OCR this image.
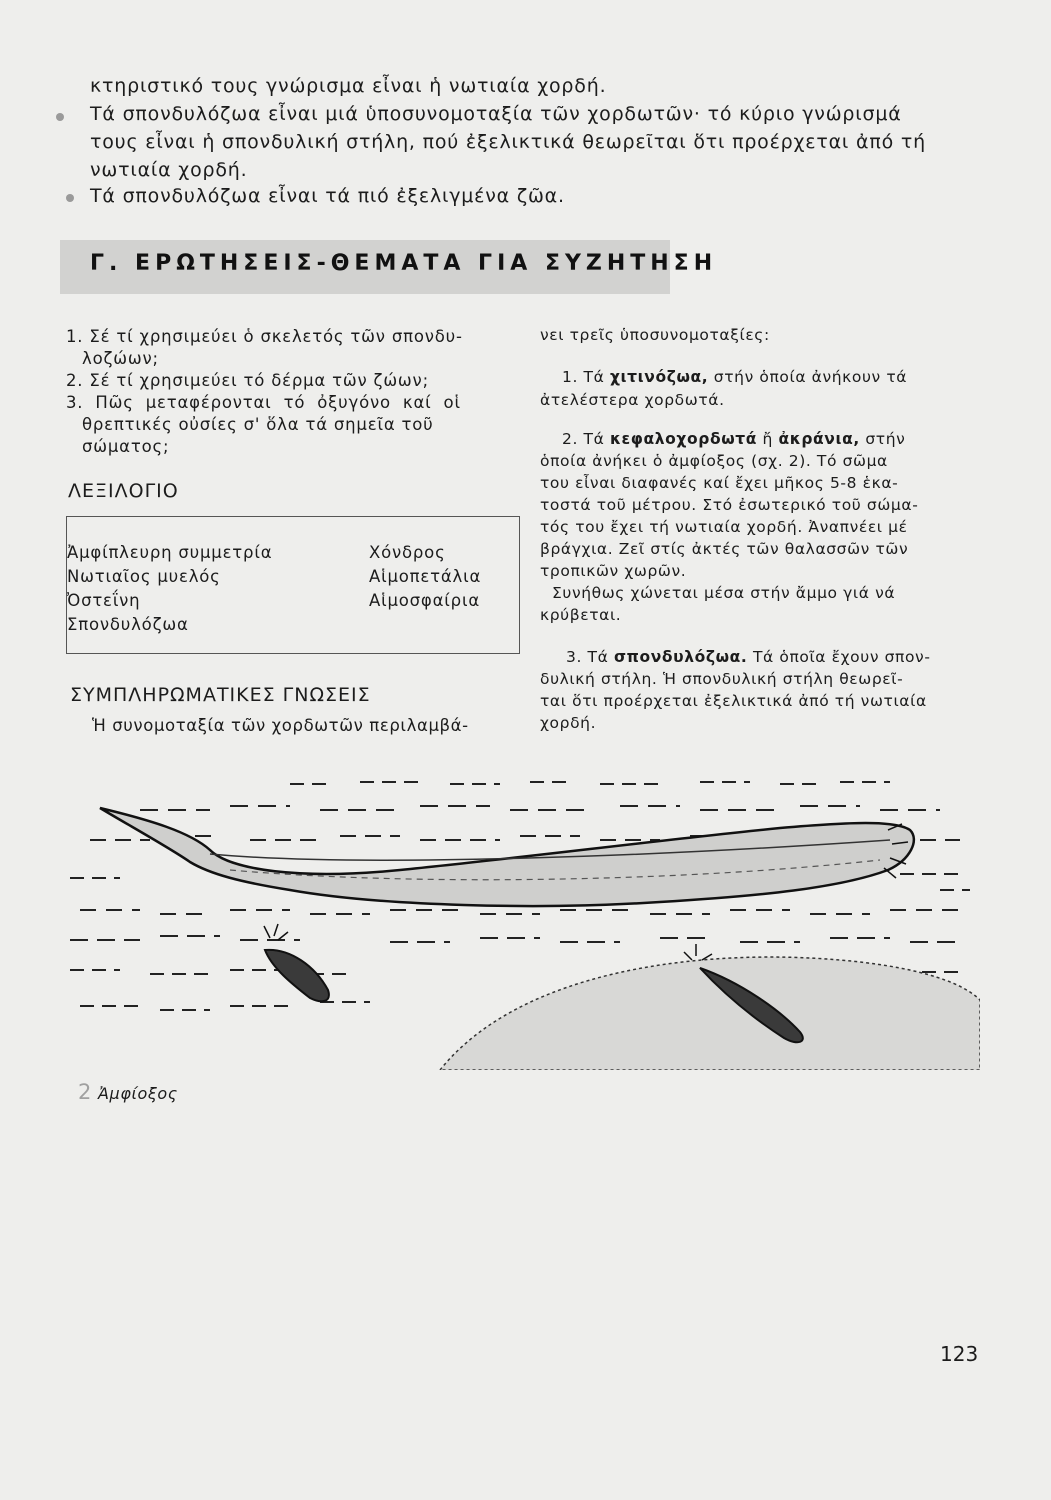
κτηριστικό τους γνώρισμα εἶναι ἡ νωτιαία χορδή.
Τά σπονδυλόζωα εἶναι μιά ὑποσυνομοταξία τῶν χορδωτῶν· τό κύριο γνώρισμά
τους εἶναι ἡ σπονδυλική στήλη, πού ἐξελικτικά θεωρεῖται ὅτι προέρχεται ἀπό τή
νωτιαία χορδή.
Τά σπονδυλόζωα εἶναι τά πιό ἐξελιγμένα ζῶα.
Γ. ΕΡΩΤΗΣΕΙΣ-ΘΕΜΑΤΑ ΓΙΑ ΣΥΖΗΤΗΣΗ
1. Σέ τί χρησιμεύει ὁ σκελετός τῶν σπονδυ-
λοζώων;
2. Σέ τί χρησιμεύει τό δέρμα τῶν ζώων;
3. Πῶς μεταφέρονται τό ὀξυγόνο καί οἱ
θρεπτικές οὐσίες σ' ὅλα τά σημεῖα τοῦ
σώματος;
ΛΕΞΙΛΟΓΙΟ
Ἀμφίπλευρη συμμετρία
Νωτιαῖος μυελός
Ὀστεΐνη
Σπονδυλόζωα
Χόνδρος
Αἱμοπετάλια
Αἱμοσφαίρια
ΣΥΜΠΛΗΡΩΜΑΤΙΚΕΣ ΓΝΩΣΕΙΣ
Ἡ συνομοταξία τῶν χορδωτῶν περιλαμβά-
νει τρεῖς ὑποσυνομοταξίες:
1. Τά χιτινόζωα, στήν ὁποία ἀνήκουν τά
ἀτελέστερα χορδωτά.
2. Τά κεφαλοχορδωτά ἤ ἀκράνια, στήν
ὁποία ἀνήκει ὁ ἀμφίοξος (σχ. 2). Τό σῶμα
του εἶναι διαφανές καί ἔχει μῆκος 5-8 ἑκα-
τοστά τοῦ μέτρου. Στό ἐσωτερικό τοῦ σώμα-
τός του ἔχει τή νωτιαία χορδή. Ἀναπνέει μέ
βράγχια. Ζεῖ στίς ἀκτές τῶν θαλασσῶν τῶν
τροπικῶν χωρῶν.
Συνήθως χώνεται μέσα στήν ἄμμο γιά νά
κρύβεται.
3. Τά σπονδυλόζωα. Τά ὁποῖα ἔχουν σπον-
δυλική στήλη. Ἡ σπονδυλική στήλη θεωρεῖ-
ται ὅτι προέρχεται ἐξελικτικά ἀπό τή νωτιαία
χορδή.
2 Ἀμφίοξος
123
